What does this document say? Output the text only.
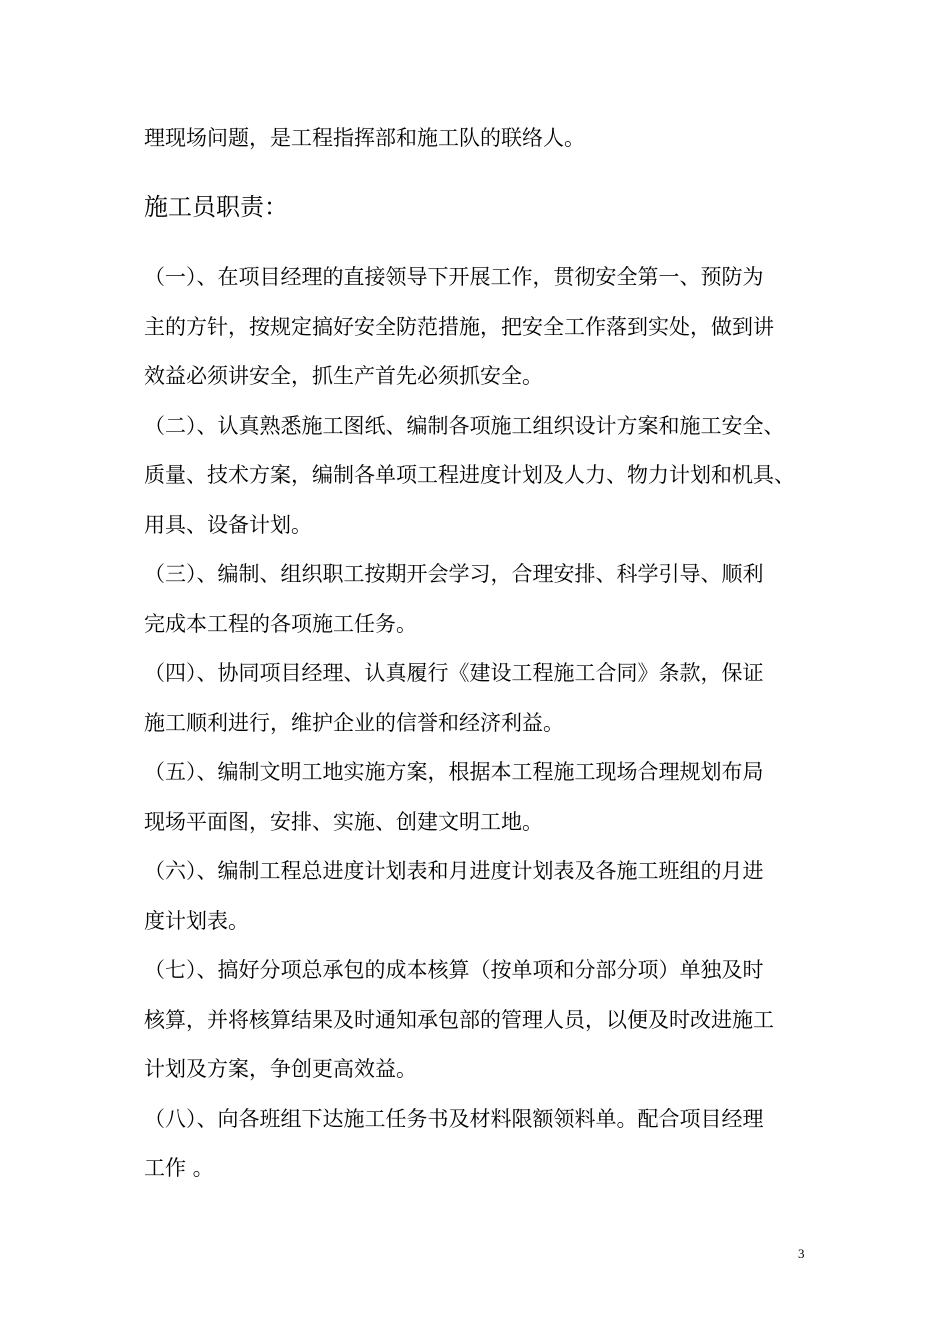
理现场问题，是工程指挥部和施工队的联络人。
施工员职责：
（一）、在项目经理的直接领导下开展工作，贯彻安全第一、预防为
主的方针，按规定搞好安全防范措施，把安全工作落到实处，做到讲
效益必须讲安全，抓生产首先必须抓安全。
（二）、认真熟悉施工图纸、编制各项施工组织设计方案和施工安全、
质量、技术方案，编制各单项工程进度计划及人力、物力计划和机具、
用具、设备计划。
（三）、编制、组织职工按期开会学习，合理安排、科学引导、顺利
完成本工程的各项施工任务。
（四）、协同项目经理、认真履行《建设工程施工合同》条款，保证
施工顺利进行，维护企业的信誉和经济利益。
（五）、编制文明工地实施方案，根据本工程施工现场合理规划布局
现场平面图，安排、实施、创建文明工地。
（六）、编制工程总进度计划表和月进度计划表及各施工班组的月进
度计划表。
（七）、搞好分项总承包的成本核算（按单项和分部分项）单独及时
核算，并将核算结果及时通知承包部的管理人员，以便及时改进施工
计划及方案，争创更高效益。
（八）、向各班组下达施工任务书及材料限额领料单。配合项目经理
工作 。
3
